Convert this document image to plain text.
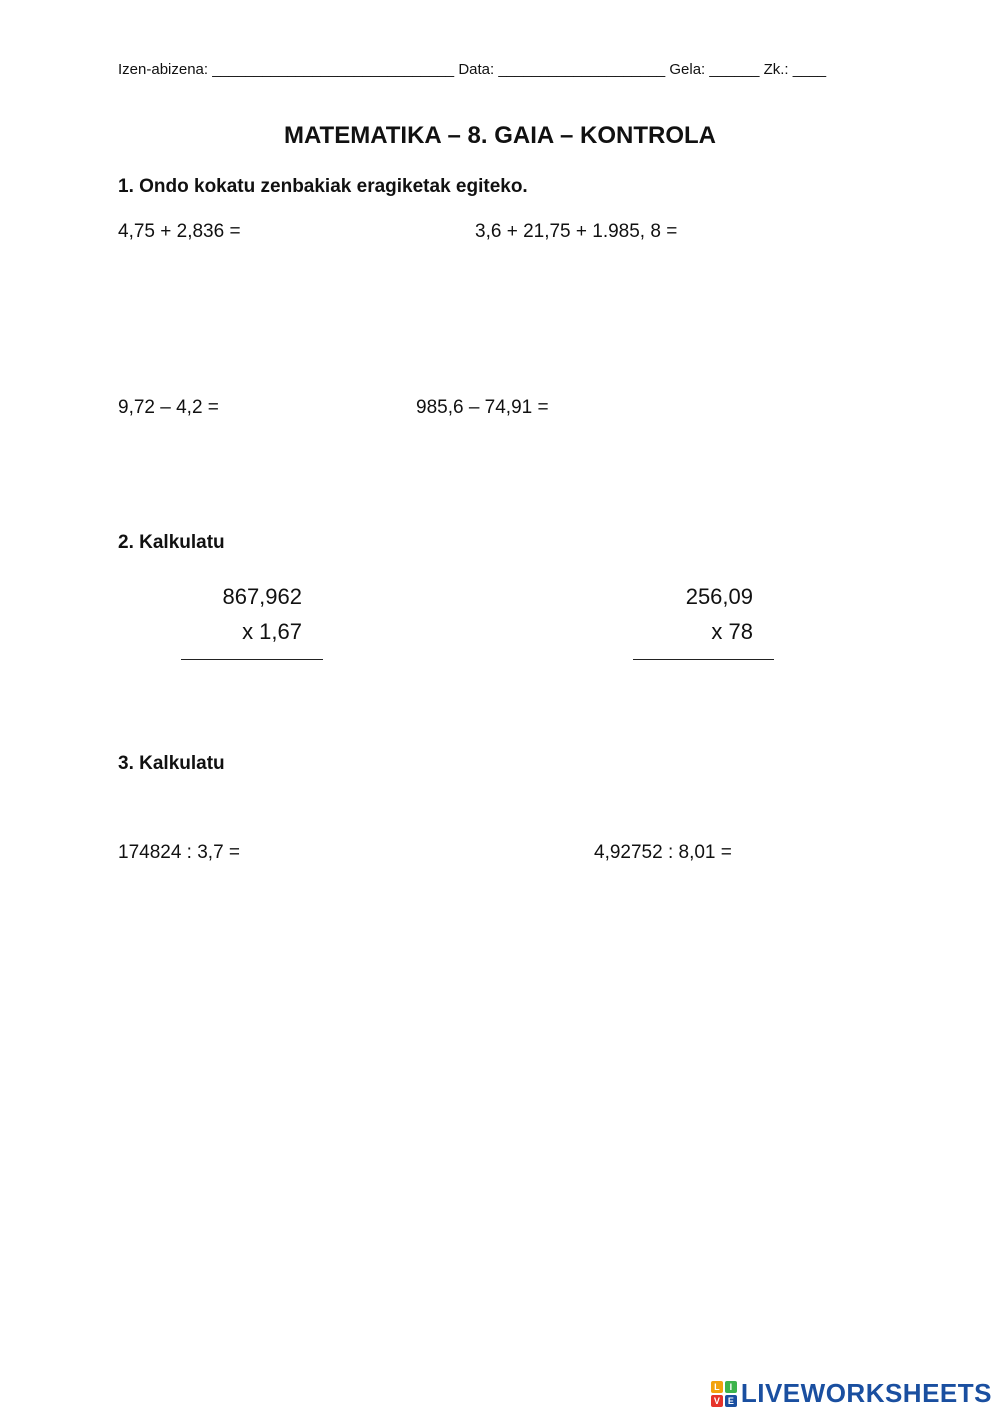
Izen-abizena: _____________________________ Data: ____________________ Gela: ______ Zk.: ____
MATEMATIKA – 8. GAIA – KONTROLA
1. Ondo kokatu zenbakiak eragiketak egiteko.
4,75 + 2,836 =	3,6 + 21,75 + 1.985, 8 =
9,72 – 4,2 =	985,6 – 74,91 =
2. Kalkulatu
867,962
x 1,67
256,09
x 78
3. Kalkulatu
174824 : 3,7 =	4,92752 : 8,01 =
L	I
V E LIVEWORKSHEETS
